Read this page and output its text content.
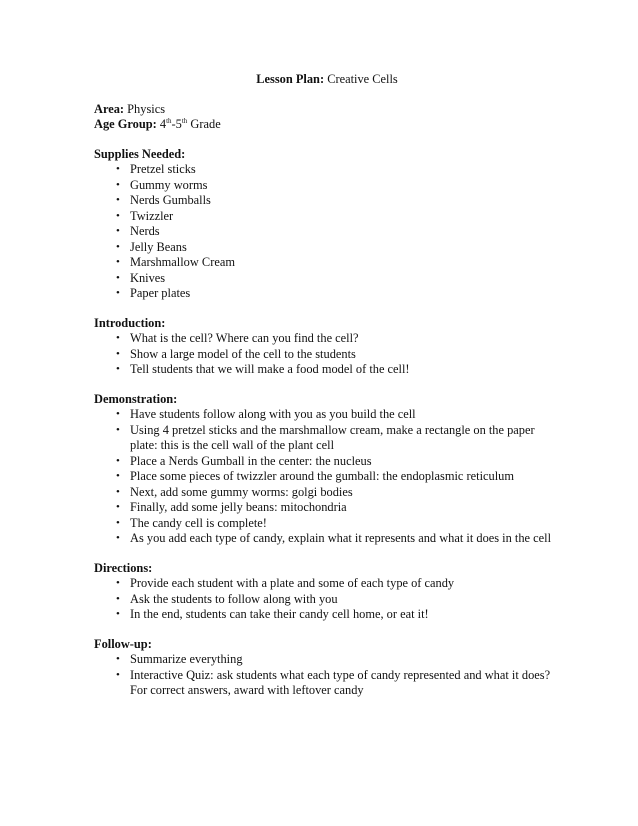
Lesson Plan: Creative Cells
Area: Physics
Age Group: 4th-5th Grade
Supplies Needed:
• Pretzel sticks
• Gummy worms
• Nerds Gumballs
• Twizzler
• Nerds
• Jelly Beans
• Marshmallow Cream
• Knives
• Paper plates
Introduction:
• What is the cell? Where can you find the cell?
• Show a large model of the cell to the students
• Tell students that we will make a food model of the cell!
Demonstration:
• Have students follow along with you as you build the cell
• Using 4 pretzel sticks and the marshmallow cream, make a rectangle on the paper plate: this is the cell wall of the plant cell
• Place a Nerds Gumball in the center: the nucleus
• Place some pieces of twizzler around the gumball: the endoplasmic reticulum
• Next, add some gummy worms: golgi bodies
• Finally, add some jelly beans: mitochondria
• The candy cell is complete!
• As you add each type of candy, explain what it represents and what it does in the cell
Directions:
• Provide each student with a plate and some of each type of candy
• Ask the students to follow along with you
• In the end, students can take their candy cell home, or eat it!
Follow-up:
• Summarize everything
• Interactive Quiz: ask students what each type of candy represented and what it does? For correct answers, award with leftover candy
